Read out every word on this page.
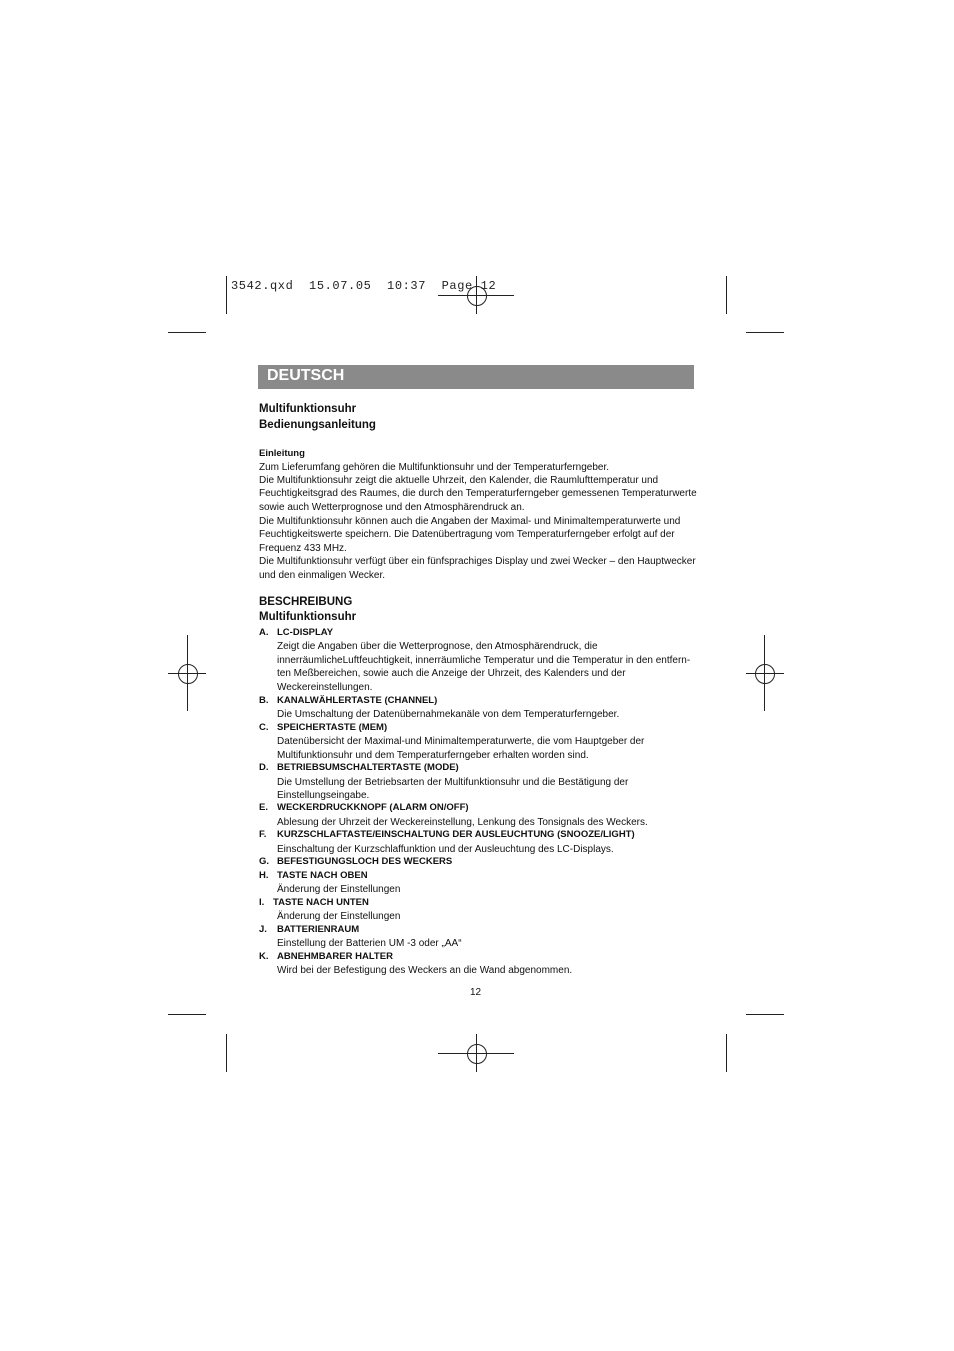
3542.qxd  15.07.05  10:37  Page 12
DEUTSCH
Multifunktionsuhr
Bedienungsanleitung
Einleitung
Zum Lieferumfang gehören die Multifunktionsuhr und der Temperaturferngeber.
Die Multifunktionsuhr zeigt die aktuelle Uhrzeit, den Kalender, die Raumlufttemperatur und
Feuchtigkeitsgrad des Raumes, die durch den Temperaturferngeber gemessenen Temperaturwerte
sowie auch Wetterprognose und den Atmosphärendruck an.
Die Multifunktionsuhr können auch die Angaben der Maximal- und Minimaltemperaturwerte und
Feuchtigkeitswerte speichern. Die Datenübertragung vom Temperaturferngeber erfolgt auf der
Frequenz 433 MHz.
Die Multifunktionsuhr verfügt über ein fünfsprachiges Display und zwei Wecker – den Hauptwecker
und den einmaligen Wecker.
BESCHREIBUNG
Multifunktionsuhr
A. LC-DISPLAY
Zeigt die Angaben über die Wetterprognose, den Atmosphärendruck, die
innerräumlicheLuftfeuchtigkeit, innerräumliche Temperatur und die Temperatur in den entfern-
ten Meßbereichen, sowie auch die Anzeige der Uhrzeit, des Kalenders und der
Weckereinstellungen.
B. KANALWÄHLERTASTE (CHANNEL)
Die Umschaltung der Datenübernahmekanäle von dem Temperaturferngeber.
C. SPEICHERTASTE (MEM)
Datenübersicht der Maximal-und Minimaltemperaturwerte, die vom Hauptgeber der
Multifunktionsuhr und dem Temperaturferngeber erhalten worden sind.
D. BETRIEBSUMSCHALTERTASTE (MODE)
Die Umstellung der Betriebsarten der Multifunktionsuhr und die Bestätigung der
Einstellungseingabe.
E. WECKERDRUCKKNOPF (ALARM ON/OFF)
Ablesung der Uhrzeit der Weckereinstellung, Lenkung des Tonsignals des Weckers.
F. KURZSCHLAFTASTE/EINSCHALTUNG DER AUSLEUCHTUNG (SNOOZE/LIGHT)
Einschaltung der Kurzschlaffunktion und der Ausleuchtung des LC-Displays.
G. BEFESTIGUNGSLOCH DES WECKERS
H. TASTE NACH OBEN
Änderung der Einstellungen
I. TASTE NACH UNTEN
Änderung der Einstellungen
J. BATTERIENRAUM
Einstellung der Batterien UM -3 oder „AA“
K. ABNEHMBARER HALTER
Wird bei der Befestigung des Weckers an die Wand abgenommen.
12
